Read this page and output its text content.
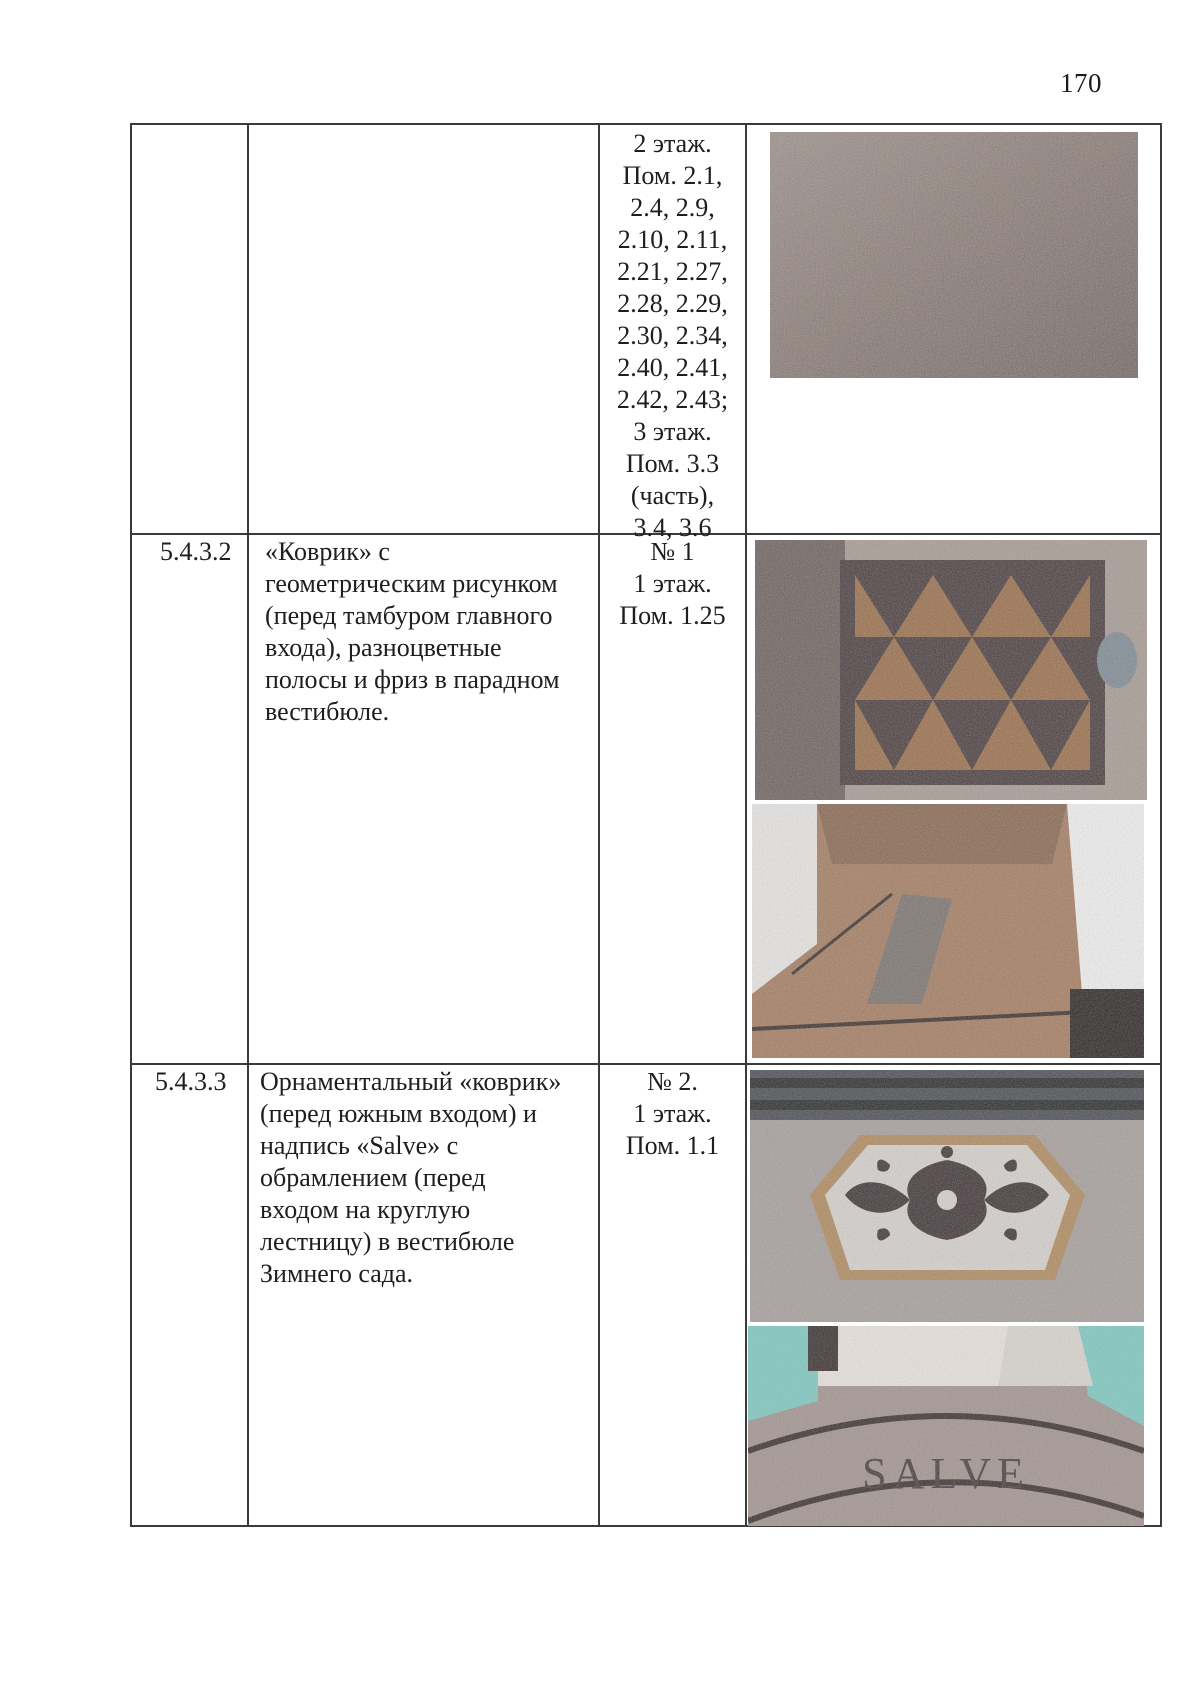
170
2 этаж.
Пом. 2.1,
2.4, 2.9,
2.10, 2.11,
2.21, 2.27,
2.28, 2.29,
2.30, 2.34,
2.40, 2.41,
2.42, 2.43;
3 этаж.
Пом. 3.3
(часть),
3.4, 3.6
5.4.3.2 «Коврик» с
геометрическим рисунком
(перед тамбуром главного
входа), разноцветные
полосы и фриз в парадном
вестибюле.
№ 1
1 этаж.
Пом. 1.25
5.4.3.3 Орнаментальный «коврик»
(перед южным входом) и
надпись «Salve» с
обрамлением (перед
входом на круглую
лестницу) в вестибюле
Зимнего сада.
№ 2.
1 этаж.
Пом. 1.1
